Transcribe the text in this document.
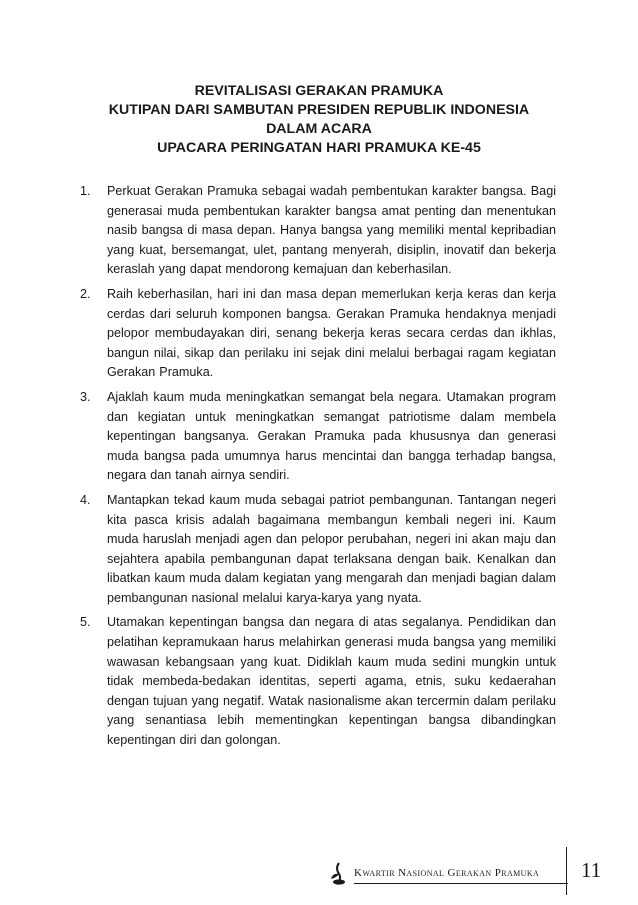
REVITALISASI GERAKAN PRAMUKA
KUTIPAN DARI SAMBUTAN PRESIDEN REPUBLIK INDONESIA
DALAM ACARA
UPACARA PERINGATAN HARI PRAMUKA KE-45
1. Perkuat Gerakan Pramuka sebagai wadah pembentukan karakter bangsa. Bagi generasai muda pembentukan karakter bangsa amat penting dan menentukan nasib bangsa di masa depan. Hanya bangsa yang memiliki mental kepribadian yang kuat, bersemangat, ulet, pantang menyerah, disiplin, inovatif dan bekerja keraslah yang dapat mendorong kemajuan dan keberhasilan.
2. Raih keberhasilan, hari ini dan masa depan memerlukan kerja keras dan kerja cerdas dari seluruh komponen bangsa. Gerakan Pramuka hendaknya menjadi pelopor membudayakan diri, senang bekerja keras secara cerdas dan ikhlas, bangun nilai, sikap dan perilaku ini sejak dini melalui berbagai ragam kegiatan Gerakan Pramuka.
3. Ajaklah kaum muda meningkatkan semangat bela negara. Utamakan program dan kegiatan untuk meningkatkan semangat patriotisme dalam membela kepentingan bangsanya. Gerakan Pramuka pada khususnya dan generasi muda bangsa pada umumnya harus mencintai dan bangga terhadap bangsa, negara dan tanah airnya sendiri.
4. Mantapkan tekad kaum muda sebagai patriot pembangunan. Tantangan negeri kita pasca krisis adalah bagaimana membangun kembali negeri ini. Kaum muda haruslah menjadi agen dan pelopor perubahan, negeri ini akan maju dan sejahtera apabila pembangunan dapat terlaksana dengan baik. Kenalkan dan libatkan kaum muda dalam kegiatan yang mengarah dan menjadi bagian dalam pembangunan nasional melalui karya-karya yang nyata.
5. Utamakan kepentingan bangsa dan negara di atas segalanya. Pendidikan dan pelatihan kepramukaan harus melahirkan generasi muda bangsa yang memiliki wawasan kebangsaan yang kuat. Didiklah kaum muda sedini mungkin untuk tidak membeda-bedakan identitas, seperti agama, etnis, suku kedaerahan dengan tujuan yang negatif. Watak nasionalisme akan tercermin dalam perilaku yang senantiasa lebih mementingkan kepentingan bangsa dibandingkan kepentingan diri dan golongan.
Kwartir Nasional Gerakan Pramuka 11
